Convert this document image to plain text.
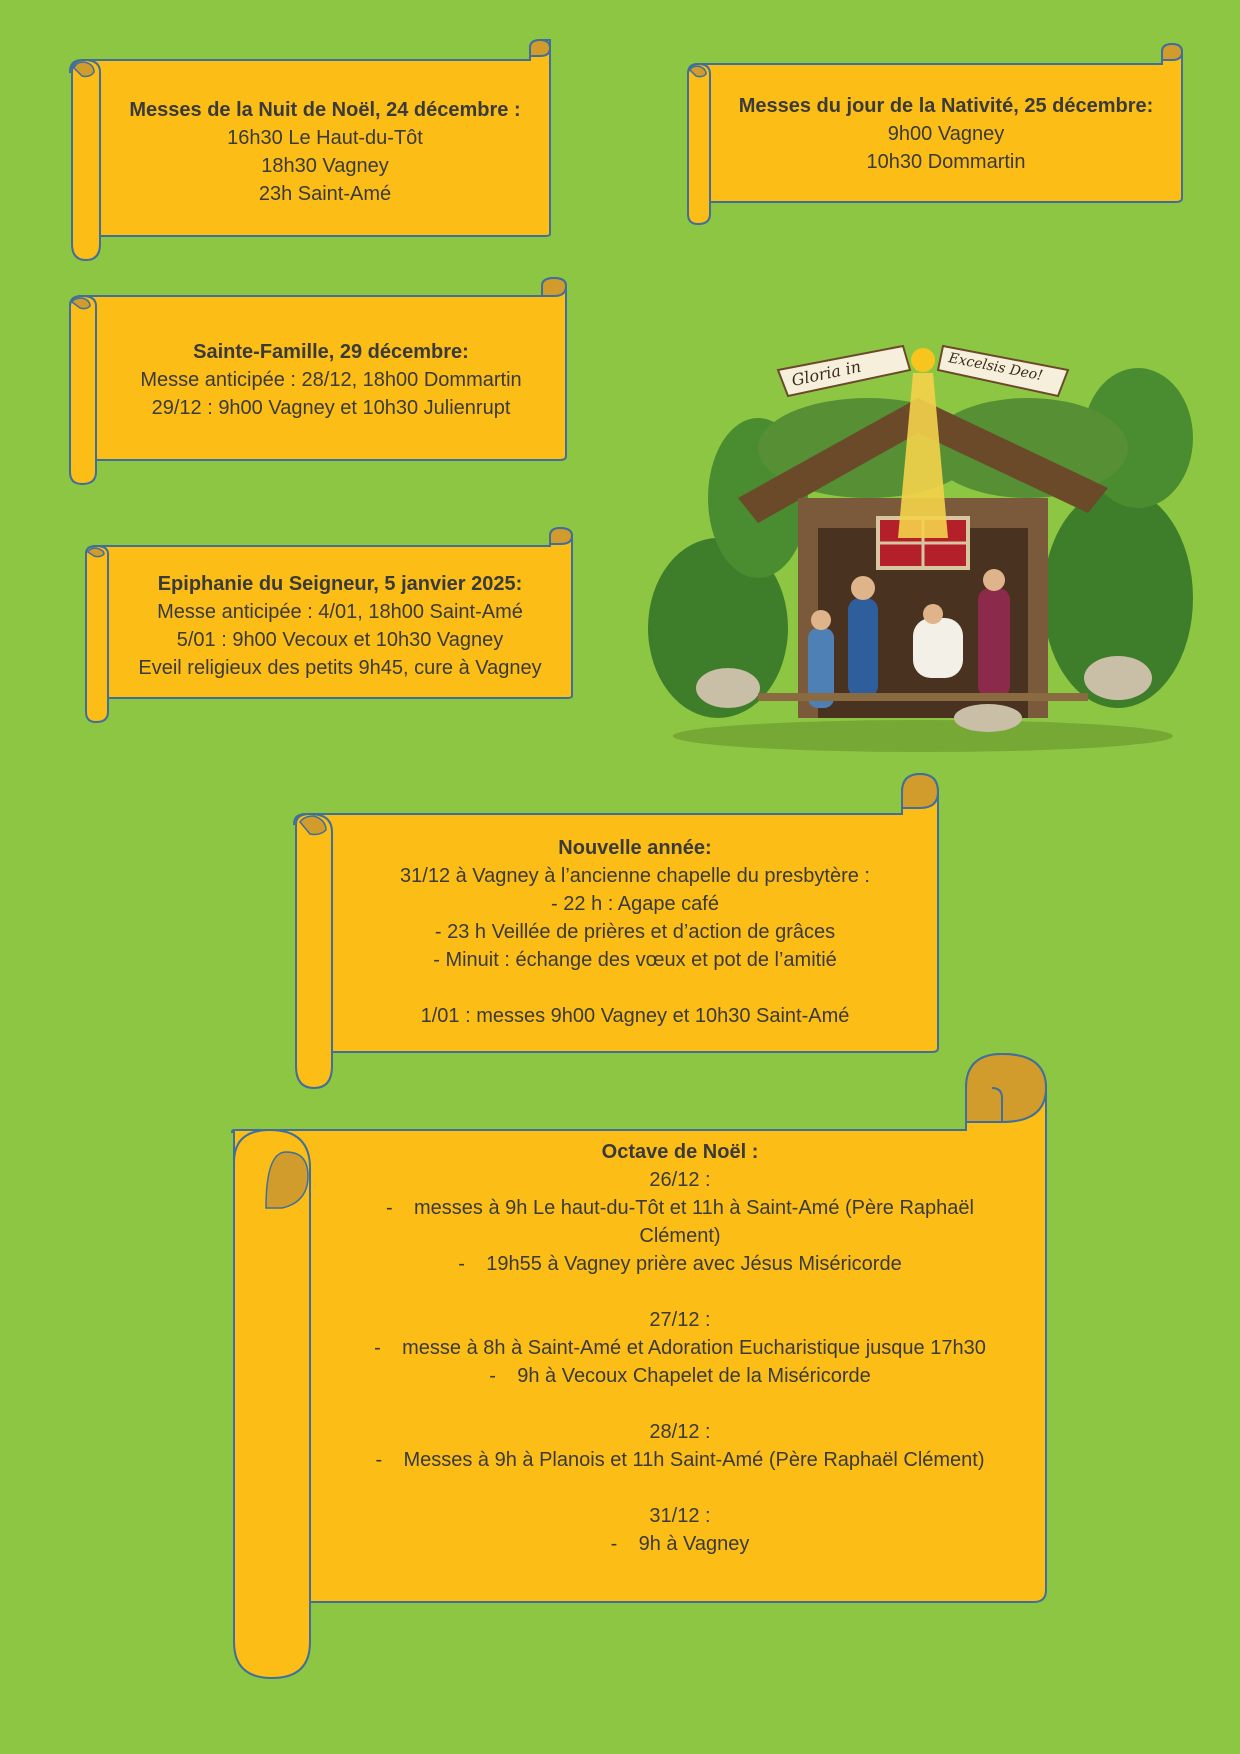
Messes de la Nuit de Noël, 24 décembre :
16h30 Le Haut-du-Tôt
18h30 Vagney
23h Saint-Amé
Messes du jour de la Nativité, 25 décembre:
9h00 Vagney
10h30 Dommartin
Sainte-Famille, 29 décembre:
Messe anticipée : 28/12, 18h00 Dommartin
29/12 : 9h00 Vagney et 10h30 Julienrupt
Epiphanie du Seigneur, 5 janvier 2025:
Messe anticipée : 4/01, 18h00 Saint-Amé
5/01 : 9h00 Vecoux et 10h30 Vagney
Eveil religieux des petits 9h45, cure à Vagney
Nouvelle année:
31/12 à Vagney à l’ancienne chapelle du presbytère :
- 22 h : Agape café
- 23 h Veillée de prières et d’action de grâces
- Minuit : échange des vœux et pot de l’amitié
1/01 : messes 9h00 Vagney et 10h30 Saint-Amé
Octave de Noël :
26/12 :
-	messes à 9h Le haut-du-Tôt et 11h à Saint-Amé (Père Raphaël
Clément)
-	19h55 à Vagney prière avec Jésus Miséricorde
27/12 :
-	messe à 8h à Saint-Amé et Adoration Eucharistique jusque 17h30
-	9h à Vecoux Chapelet de la Miséricorde
28/12 :
-	Messes à 9h à Planois et 11h Saint-Amé (Père Raphaël Clément)
31/12 :
-	9h à Vagney
Gloria in	Excelsis Deo!
